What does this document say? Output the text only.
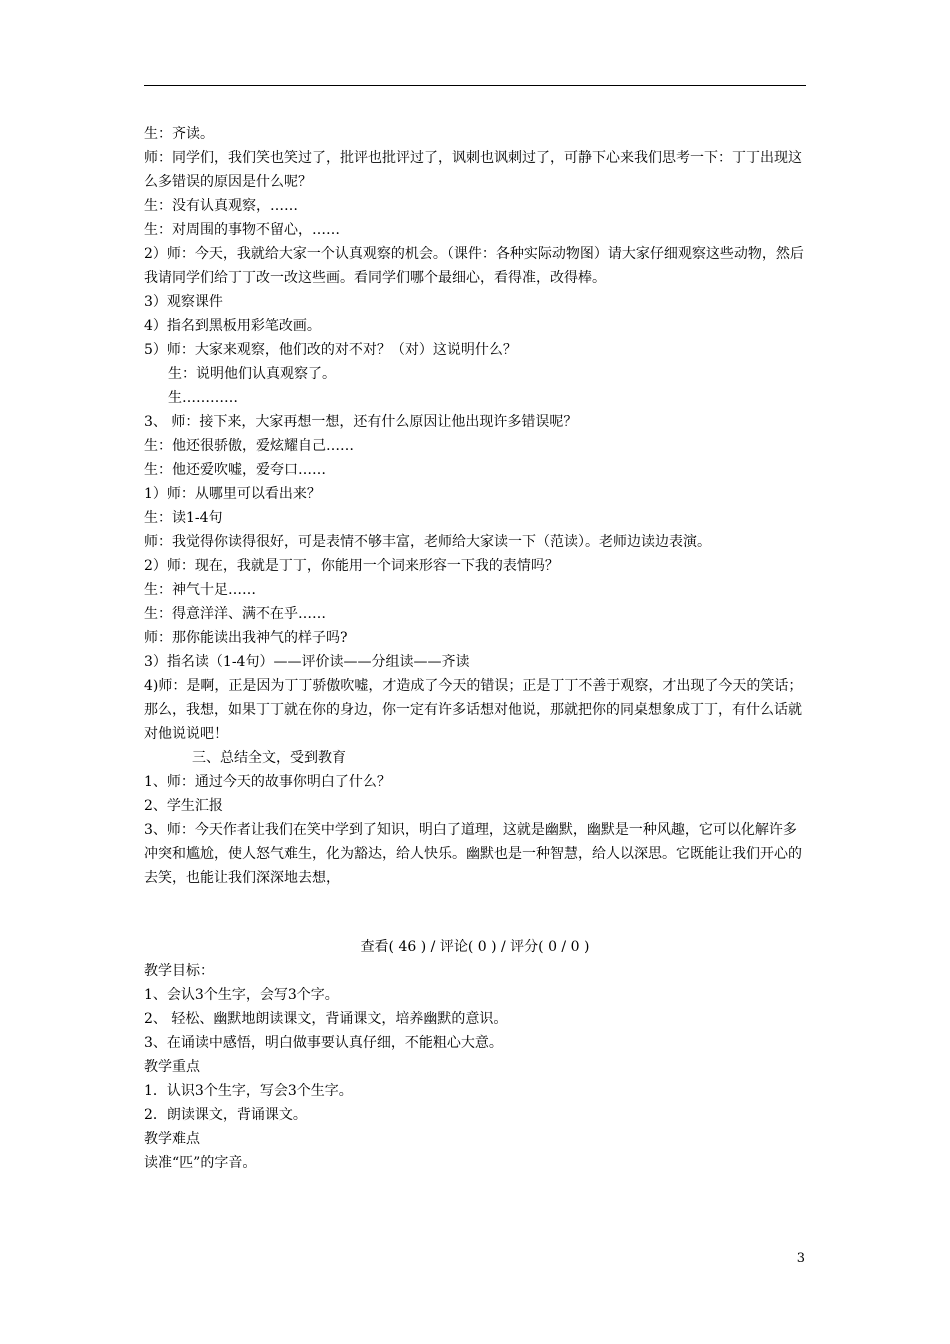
生：齐读。

师：同学们，我们笑也笑过了，批评也批评过了，讽刺也讽刺过了，可静下心来我们思考一下：丁丁出现这么多错误的原因是什么呢？

生：没有认真观察，……

生：对周围的事物不留心，……

2）师：今天，我就给大家一个认真观察的机会。（课件：各种实际动物图）请大家仔细观察这些动物，然后我请同学们给丁丁改一改这些画。看同学们哪个最细心，看得准，改得棒。

3）观察课件

4）指名到黑板用彩笔改画。

5）师：大家来观察，他们改的对不对？（对）这说明什么？

生：说明他们认真观察了。

生…………

3、 师：接下来，大家再想一想，还有什么原因让他出现许多错误呢？

生：他还很骄傲，爱炫耀自己……

生：他还爱吹嘘，爱夸口……

1）师：从哪里可以看出来？

生：读1-4句

师：我觉得你读得很好，可是表情不够丰富，老师给大家读一下（范读）。老师边读边表演。

2）师：现在，我就是丁丁，你能用一个词来形容一下我的表情吗？

生：神气十足……

生：得意洋洋、满不在乎……

师：那你能读出我神气的样子吗?

3）指名读（1-4句）——评价读——分组读——齐读

4)师：是啊，正是因为丁丁骄傲吹嘘，才造成了今天的错误；正是丁丁不善于观察，才出现了今天的笑话；那么，我想，如果丁丁就在你的身边，你一定有许多话想对他说，那就把你的同桌想象成丁丁，有什么话就对他说说吧！

三、总结全文，受到教育

1、师：通过今天的故事你明白了什么？

2、学生汇报

3、师：今天作者让我们在笑中学到了知识，明白了道理，这就是幽默，幽默是一种风趣，它可以化解许多冲突和尴尬，使人怒气难生，化为豁达，给人快乐。幽默也是一种智慧，给人以深思。它既能让我们开心的去笑，也能让我们深深地去想，

查看( 46 ) / 评论( 0 ) / 评分( 0 / 0 )

教学目标：

1、会认3个生字，会写3个字。

2、 轻松、幽默地朗读课文，背诵课文，培养幽默的意识。

3、在诵读中感悟，明白做事要认真仔细，不能粗心大意。

教学重点

1．认识3个生字，写会3个生字。

2．朗读课文，背诵课文。

教学难点

读准“匹”的字音。

3
